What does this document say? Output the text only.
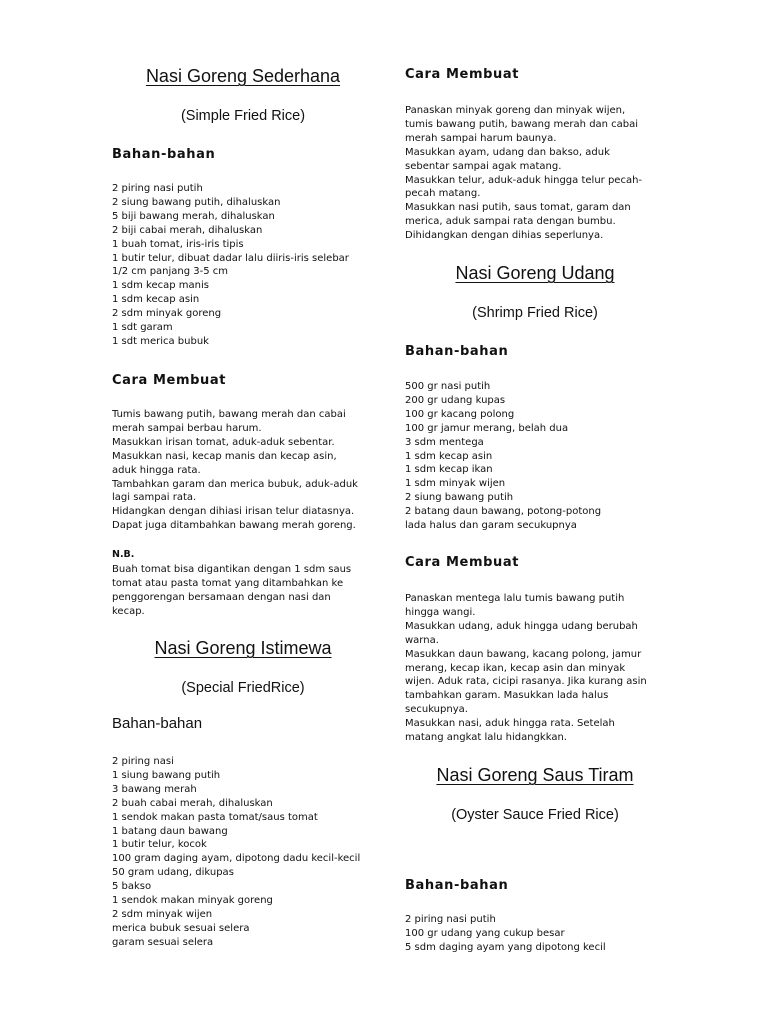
Nasi Goreng Sederhana
(Simple Fried Rice)
Bahan-bahan
2 piring nasi putih
2 siung bawang putih, dihaluskan
5 biji bawang merah, dihaluskan
2 biji cabai merah, dihaluskan
1 buah tomat, iris-iris tipis
1 butir telur, dibuat dadar lalu diiris-iris selebar
1/2 cm panjang 3-5 cm
1 sdm kecap manis
1 sdm kecap asin
2 sdm minyak goreng
1 sdt garam
1 sdt merica bubuk
Cara Membuat
Tumis bawang putih, bawang merah dan cabai
merah sampai berbau harum.
Masukkan irisan tomat, aduk-aduk sebentar.
Masukkan nasi, kecap manis dan kecap asin,
aduk hingga rata.
Tambahkan garam dan merica bubuk, aduk-aduk
lagi sampai rata.
Hidangkan dengan dihiasi irisan telur diatasnya.
Dapat juga ditambahkan bawang merah goreng.
N.B.
Buah tomat bisa digantikan dengan 1 sdm saus
tomat atau pasta tomat yang ditambahkan ke
penggorengan bersamaan dengan nasi dan
kecap.
Nasi Goreng Istimewa
(Special FriedRice)
Bahan-bahan
2 piring nasi
1 siung bawang putih
3 bawang merah
2 buah cabai merah, dihaluskan
1 sendok makan pasta tomat/saus tomat
1 batang daun bawang
1 butir telur, kocok
100 gram daging ayam, dipotong dadu kecil-kecil
50 gram udang, dikupas
5 bakso
1 sendok makan minyak goreng
2 sdm minyak wijen
merica bubuk sesuai selera
garam sesuai selera
Cara Membuat
Panaskan minyak goreng dan minyak wijen,
tumis bawang putih, bawang merah dan cabai
merah sampai harum baunya.
Masukkan ayam, udang dan bakso, aduk
sebentar sampai agak matang.
Masukkan telur, aduk-aduk hingga telur pecah-
pecah matang.
Masukkan nasi putih, saus tomat, garam dan
merica, aduk sampai rata dengan bumbu.
Dihidangkan dengan dihias seperlunya.
Nasi Goreng Udang
(Shrimp Fried Rice)
Bahan-bahan
500 gr nasi putih
200 gr udang kupas
100 gr kacang polong
100 gr jamur merang, belah dua
3 sdm mentega
1 sdm kecap asin
1 sdm kecap ikan
1 sdm minyak wijen
2 siung bawang putih
2 batang daun bawang, potong-potong
lada halus dan garam secukupnya
Cara Membuat
Panaskan mentega lalu tumis bawang putih
hingga wangi.
Masukkan udang, aduk hingga udang berubah
warna.
Masukkan daun bawang, kacang polong, jamur
merang, kecap ikan, kecap asin dan minyak
wijen. Aduk rata, cicipi rasanya. Jika kurang asin
tambahkan garam. Masukkan lada halus
secukupnya.
Masukkan nasi, aduk hingga rata. Setelah
matang angkat lalu hidangkkan.
Nasi Goreng Saus Tiram
(Oyster Sauce Fried Rice)
Bahan-bahan
2 piring nasi putih
100 gr udang yang cukup besar
5 sdm daging ayam yang dipotong kecil
